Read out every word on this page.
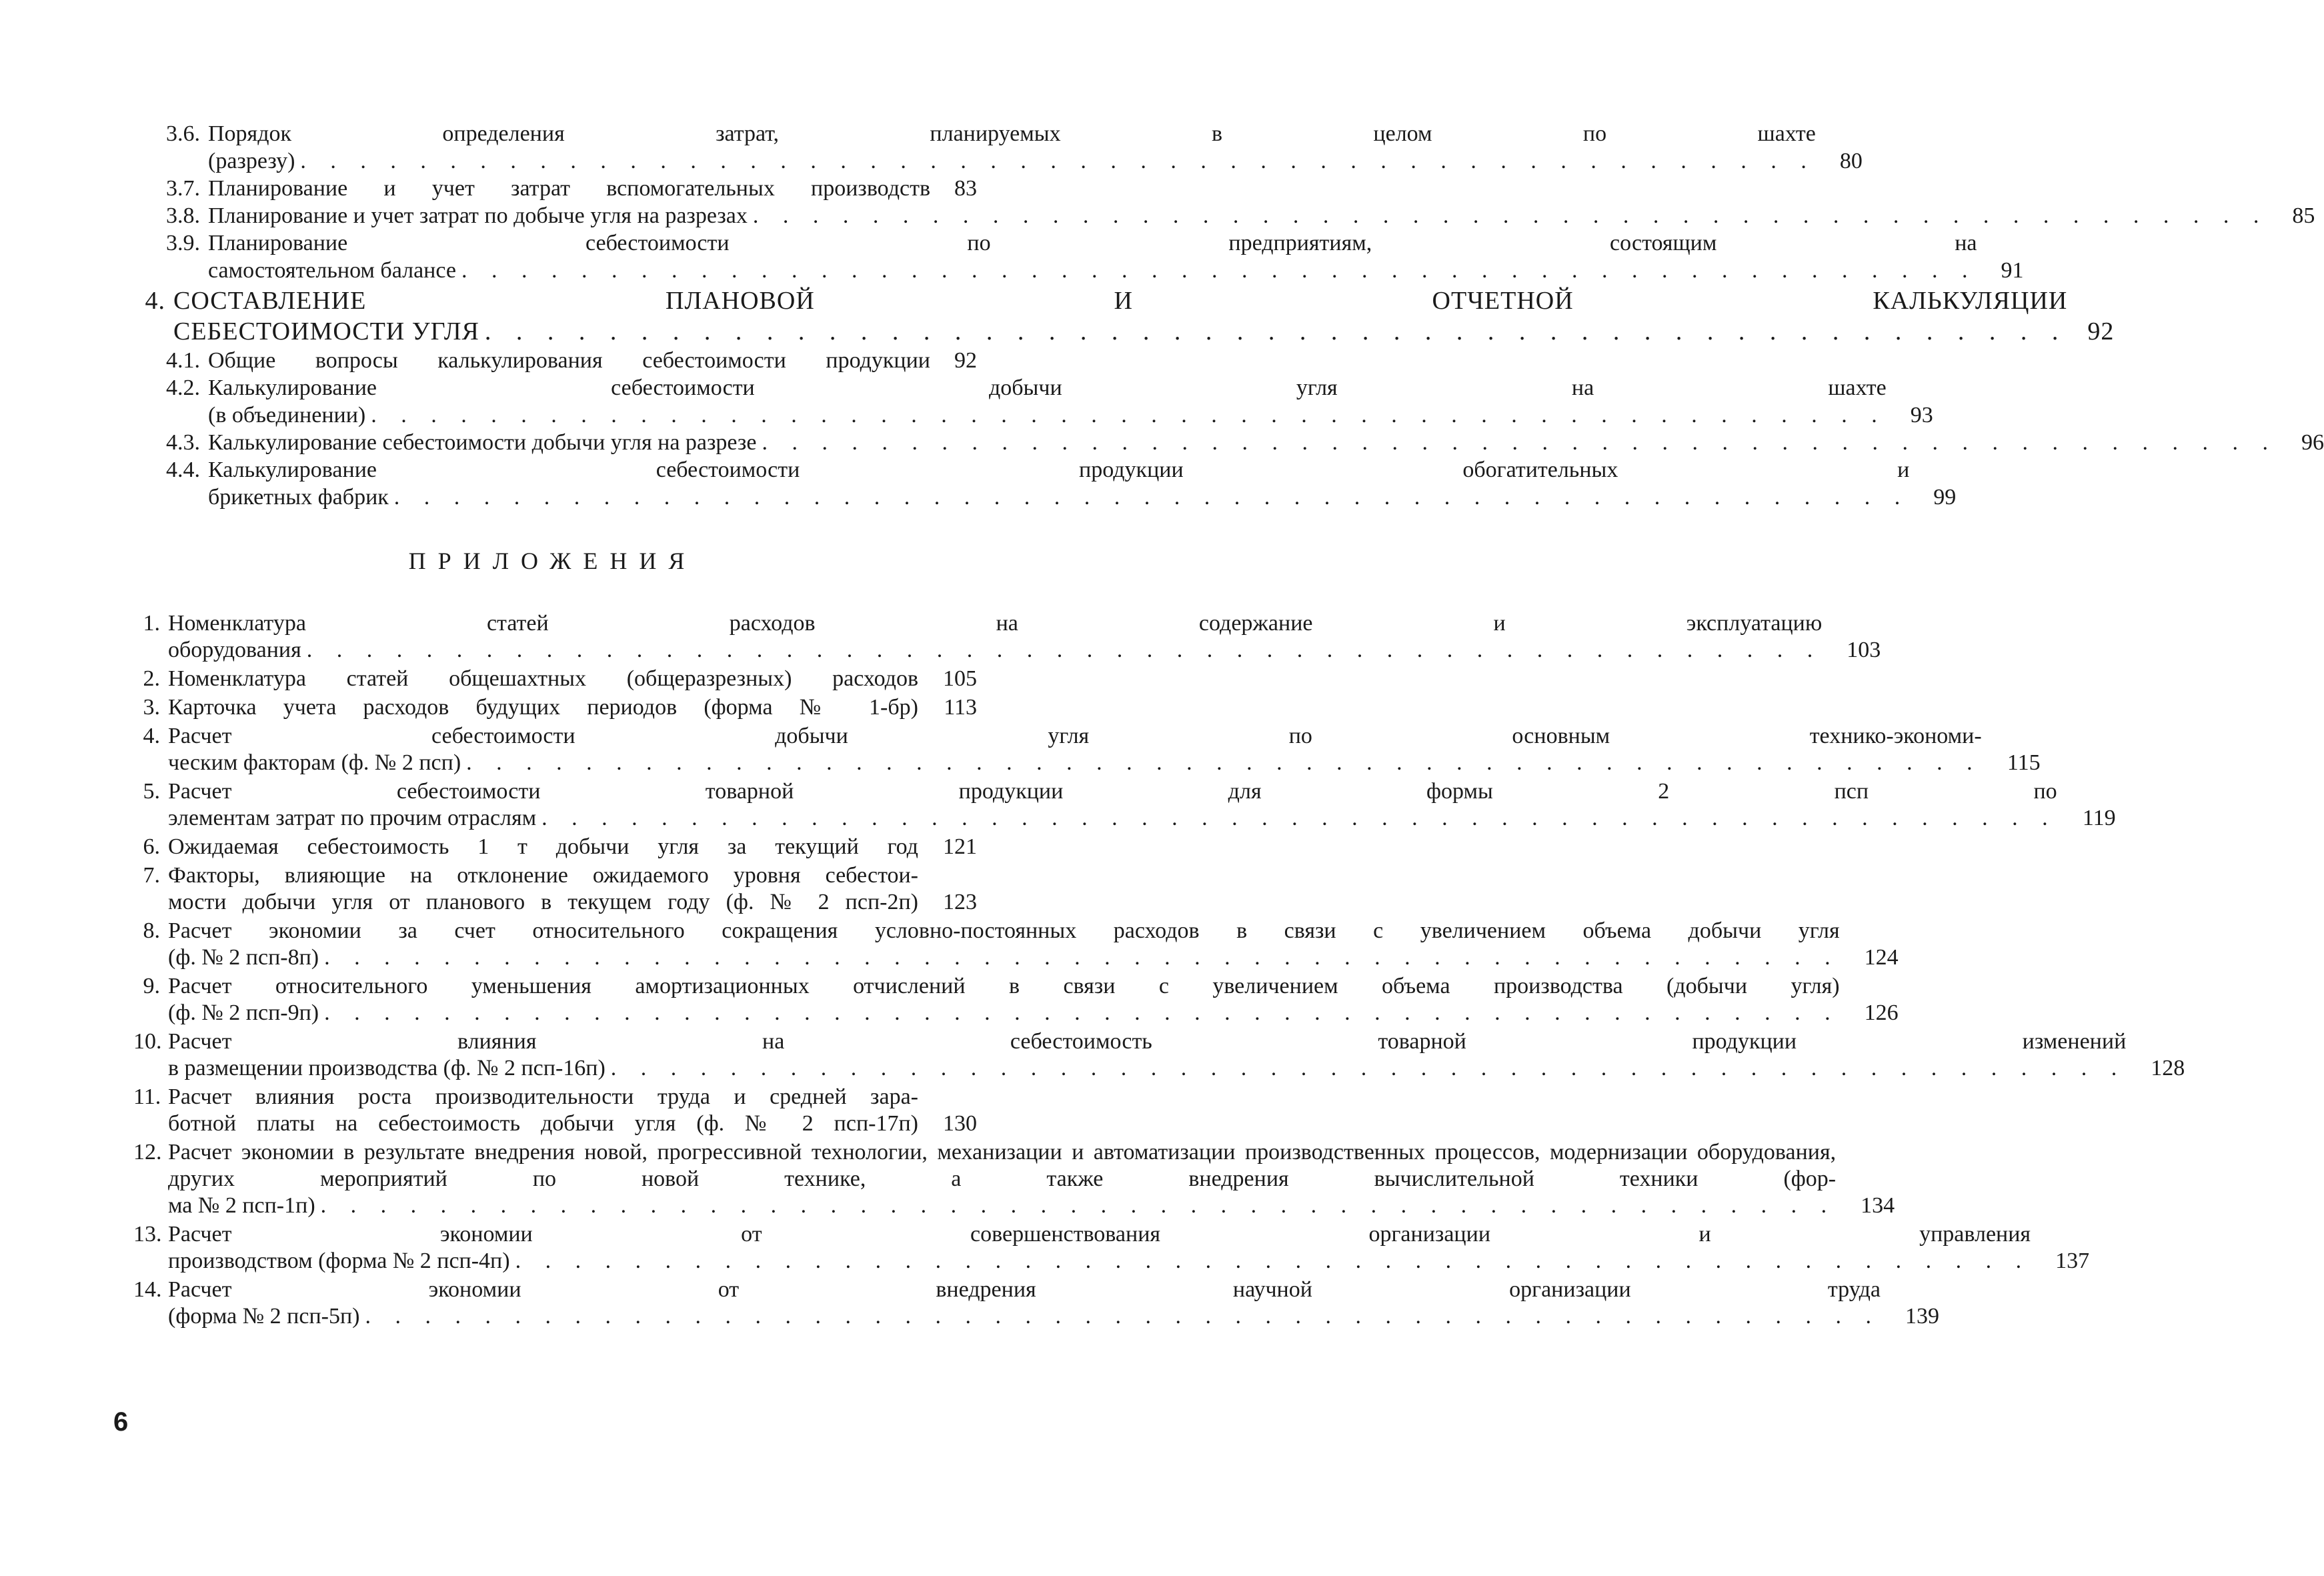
3.6. Порядок определения затрат, планируемых в целом по шахте
(разрезу) . . .	80
3.7. Планирование и учет затрат вспомогательных производств	83
3.8. Планирование и учет затрат по добыче угля на разрезах . . .	85
3.9. Планирование себестоимости по предприятиям, состоящим на
самостоятельном балансе . . .	91
4. СОСТАВЛЕНИЕ ПЛАНОВОЙ И ОТЧЕТНОЙ КАЛЬКУЛЯЦИИ
СЕБЕСТОИМОСТИ УГЛЯ . . .	92
4.1. Общие вопросы калькулирования себестоимости продукции	92
4.2. Калькулирование себестоимости добычи угля на шахте
(в объединении) . . .	93
4.3. Калькулирование себестоимости добычи угля на разрезе . . .	96
4.4. Калькулирование себестоимости продукции обогатительных и
брикетных фабрик . . .	99
ПРИЛОЖЕНИЯ
1. Номенклатура статей расходов на содержание и эксплуатацию
оборудования . . .	103
2. Номенклатура статей общешахтных (общеразрезных) расходов	105
3. Карточка учета расходов будущих периодов (форма № 1-бр)	113
4. Расчет себестоимости добычи угля по основным технико-экономи-
ческим факторам (ф. № 2 псп) . . .	115
5. Расчет себестоимости товарной продукции для формы 2 псп по
элементам затрат по прочим отраслям . . .	119
6. Ожидаемая себестоимость 1 т добычи угля за текущий год	121
7. Факторы, влияющие на отклонение ожидаемого уровня себестои-
мости добычи угля от планового в текущем году (ф. № 2 псп-2п)	123
8. Расчет экономии за счет относительного сокращения условно-постоянных расходов в связи с увеличением объема добычи угля
(ф. № 2 псп-8п) . . .	124
9. Расчет относительного уменьшения амортизационных отчислений в связи с увеличением объема производства (добычи угля)
(ф. № 2 псп-9п) . . .	126
10. Расчет влияния на себестоимость товарной продукции изменений
в размещении производства (ф. № 2 псп-16п) . . .	128
11. Расчет влияния роста производительности труда и средней зара-
ботной платы на себестоимость добычи угля (ф. № 2 псп-17п)	130
12. Расчет экономии в результате внедрения новой, прогрессивной технологии, механизации и автоматизации производственных процессов, модернизации оборудования, других мероприятий по новой технике, а также внедрения вычислительной техники (фор-
ма № 2 псп-1п) . . .	134
13. Расчет экономии от совершенствования организации и управления
производством (форма № 2 псп-4п) . . .	137
14. Расчет экономии от внедрения научной организации труда
(форма № 2 псп-5п) . . .	139
6
